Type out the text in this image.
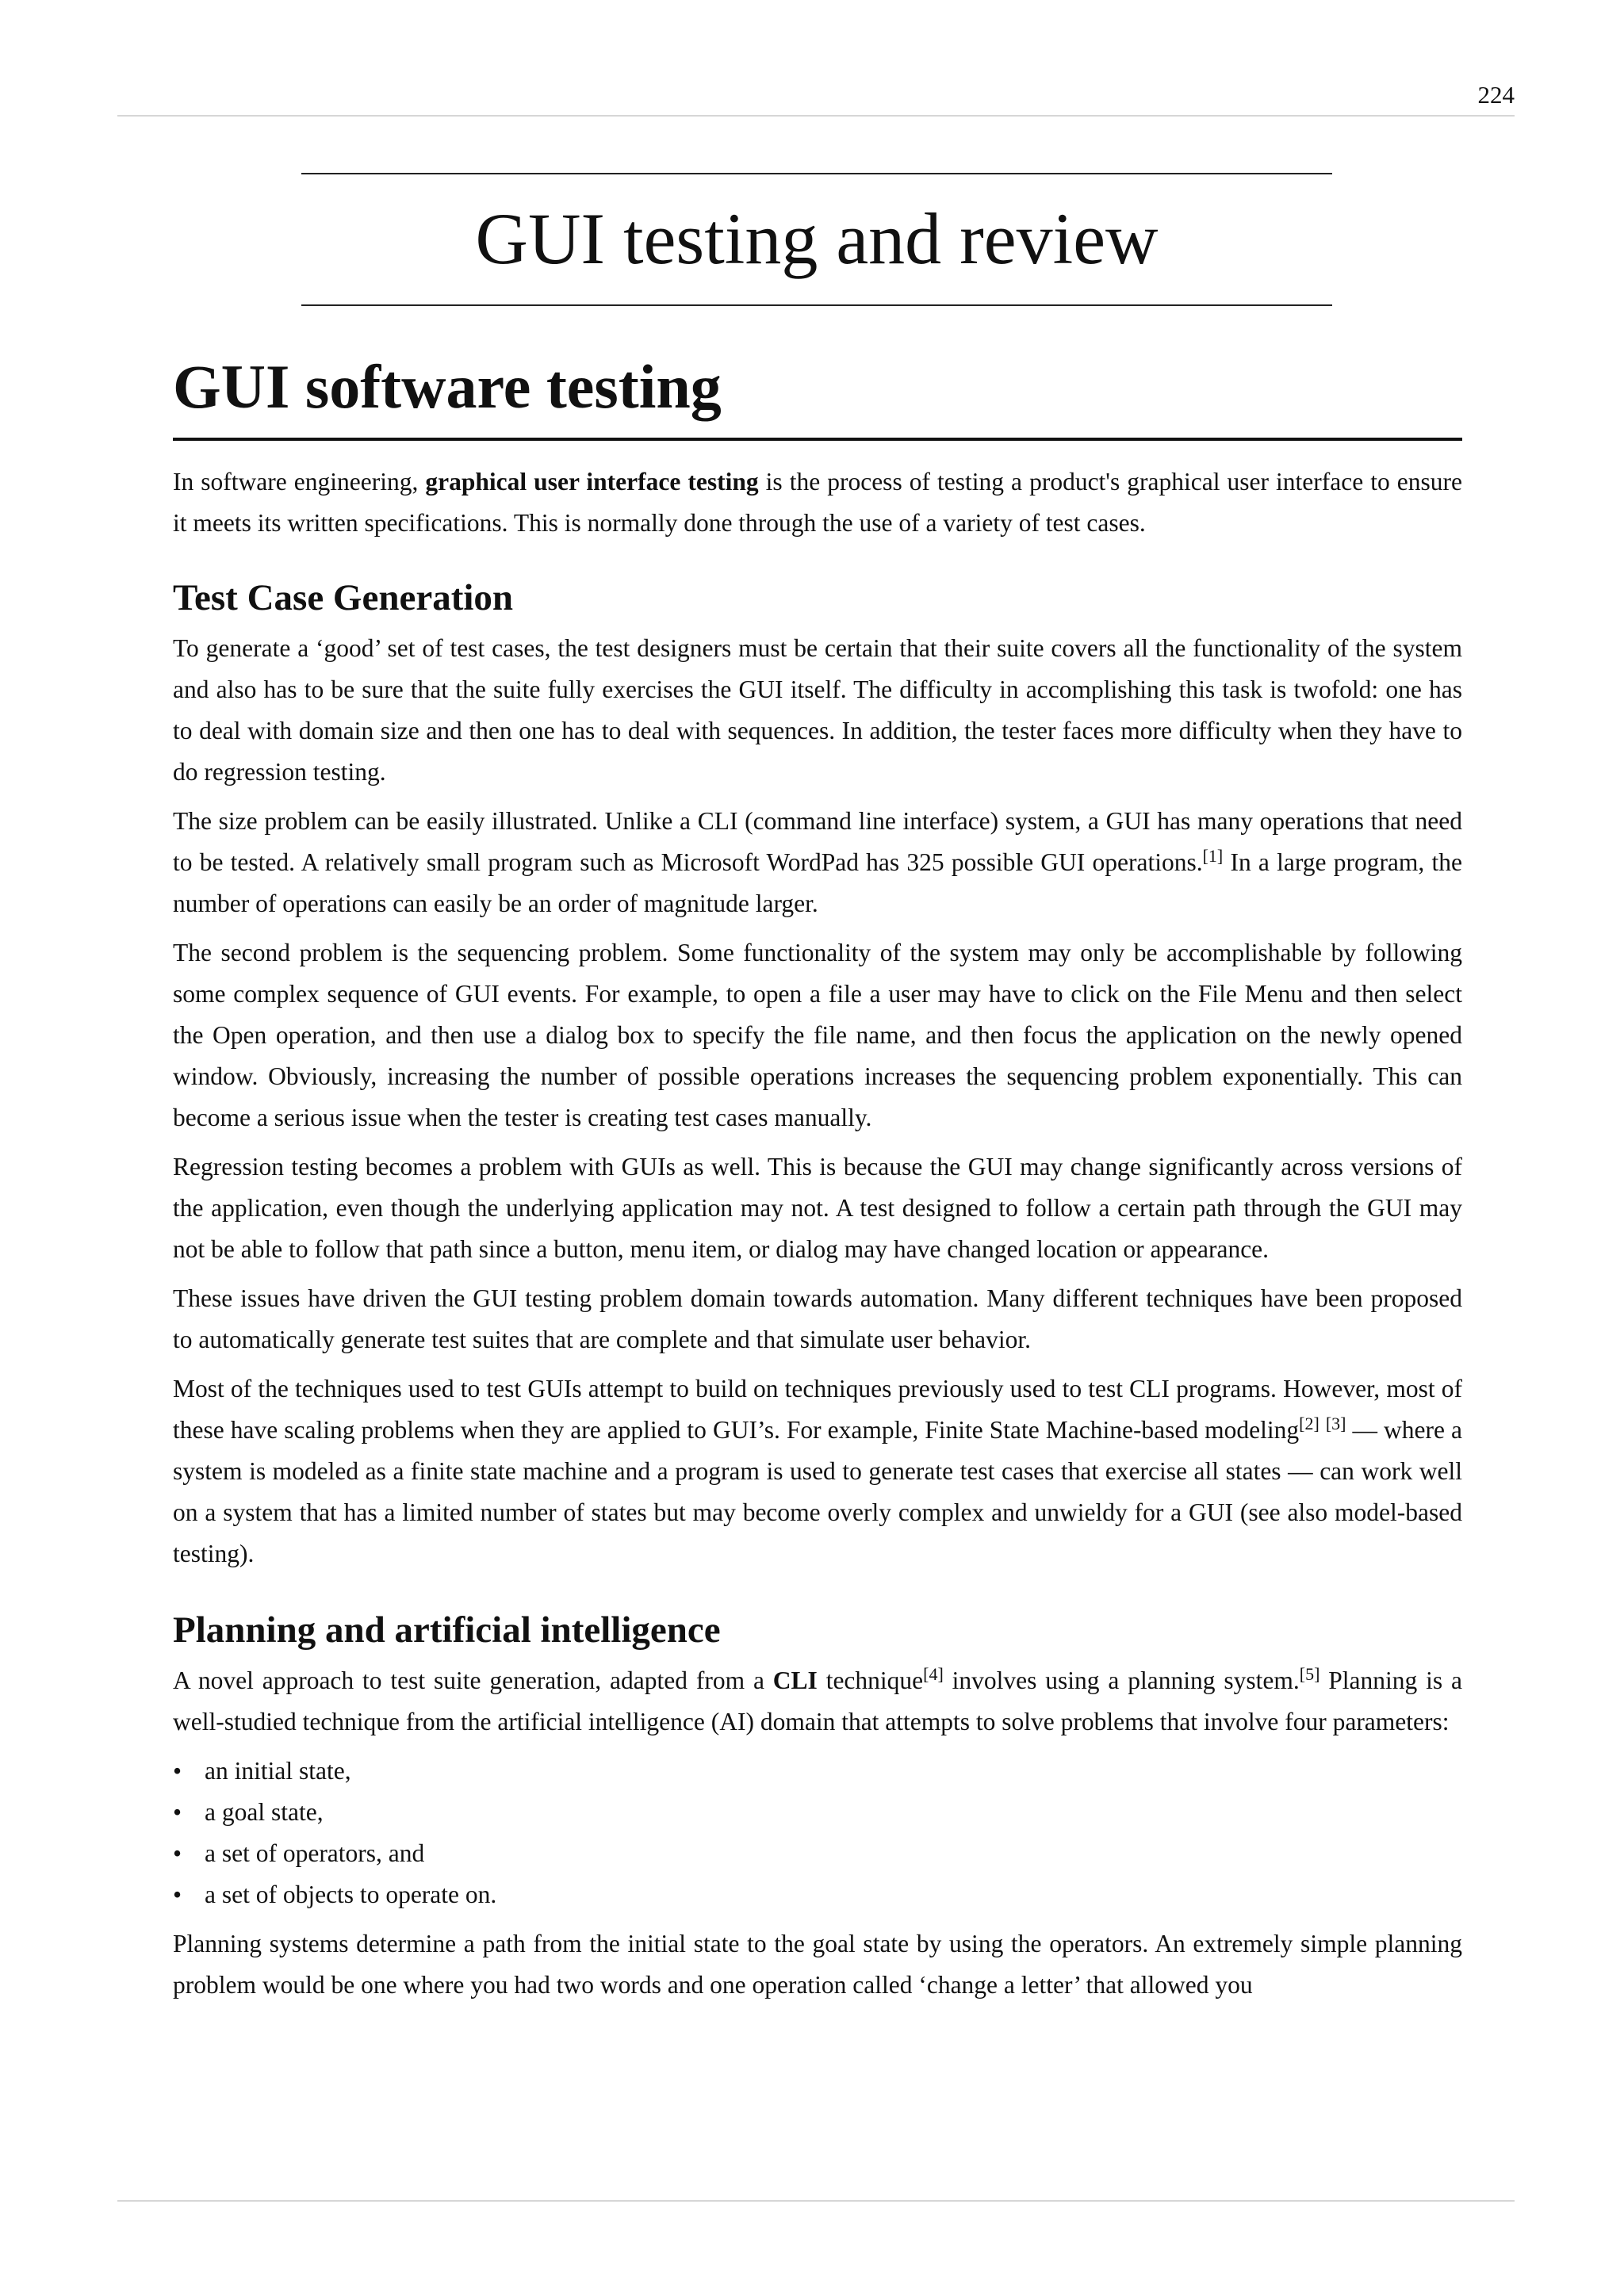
224
GUI testing and review
GUI software testing

In software engineering, graphical user interface testing is the process of testing a product's graphical user interface to ensure it meets its written specifications. This is normally done through the use of a variety of test cases.

Test Case Generation

To generate a ‘good’ set of test cases, the test designers must be certain that their suite covers all the functionality of the system and also has to be sure that the suite fully exercises the GUI itself. The difficulty in accomplishing this task is twofold: one has to deal with domain size and then one has to deal with sequences. In addition, the tester faces more difficulty when they have to do regression testing.

The size problem can be easily illustrated. Unlike a CLI (command line interface) system, a GUI has many operations that need to be tested. A relatively small program such as Microsoft WordPad has 325 possible GUI operations.[1] In a large program, the number of operations can easily be an order of magnitude larger.

The second problem is the sequencing problem. Some functionality of the system may only be accomplishable by following some complex sequence of GUI events. For example, to open a file a user may have to click on the File Menu and then select the Open operation, and then use a dialog box to specify the file name, and then focus the application on the newly opened window. Obviously, increasing the number of possible operations increases the sequencing problem exponentially. This can become a serious issue when the tester is creating test cases manually.

Regression testing becomes a problem with GUIs as well. This is because the GUI may change significantly across versions of the application, even though the underlying application may not. A test designed to follow a certain path through the GUI may not be able to follow that path since a button, menu item, or dialog may have changed location or appearance.

These issues have driven the GUI testing problem domain towards automation. Many different techniques have been proposed to automatically generate test suites that are complete and that simulate user behavior.

Most of the techniques used to test GUIs attempt to build on techniques previously used to test CLI programs. However, most of these have scaling problems when they are applied to GUI’s. For example, Finite State Machine-based modeling[2] [3] — where a system is modeled as a finite state machine and a program is used to generate test cases that exercise all states — can work well on a system that has a limited number of states but may become overly complex and unwieldy for a GUI (see also model-based testing).

Planning and artificial intelligence

A novel approach to test suite generation, adapted from a CLI technique[4] involves using a planning system.[5] Planning is a well-studied technique from the artificial intelligence (AI) domain that attempts to solve problems that involve four parameters:

• an initial state,
• a goal state,
• a set of operators, and
• a set of objects to operate on.

Planning systems determine a path from the initial state to the goal state by using the operators. An extremely simple planning problem would be one where you had two words and one operation called ‘change a letter’ that allowed you
